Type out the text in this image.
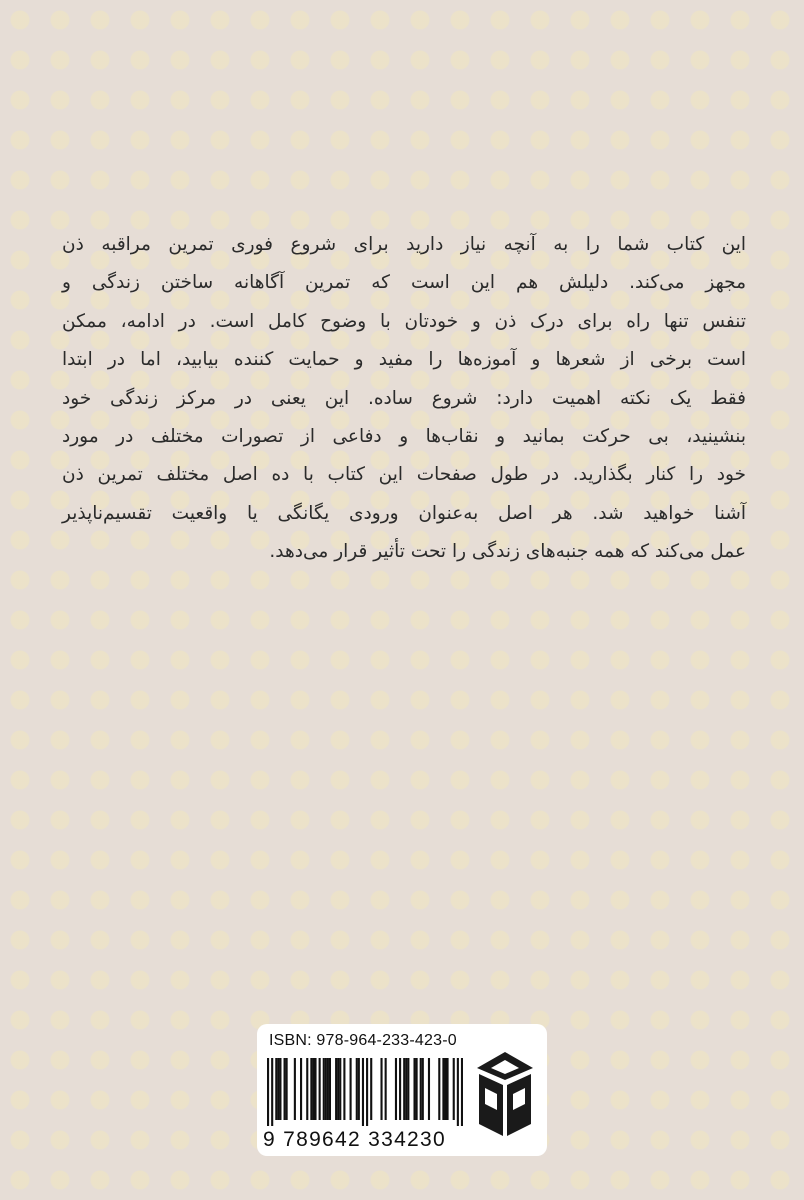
این کتاب شما را به آنچه نیاز دارید برای شروع فوری تمرین مراقبه ذن
مجهز می‌کند. دلیلش هم این است که تمرین آگاهانه ساختن زندگی و
تنفس تنها راه برای درک ذن و خودتان با وضوح کامل است. در ادامه، ممکن
است برخی از شعرها و آموزه‌ها را مفید و حمایت کننده بیابید، اما در ابتدا
فقط یک نکته اهمیت دارد: شروع ساده. این یعنی در مرکز زندگی خود
بنشینید، بی حرکت بمانید و نقاب‌ها و دفاعی از تصورات مختلف در مورد
خود را کنار بگذارید. در طول صفحات این کتاب با ده اصل مختلف تمرین ذن
آشنا خواهید شد. هر اصل به‌عنوان ورودی یگانگی یا واقعیت تقسیم‌ناپذیر
عمل می‌کند که همه جنبه‌های زندگی را تحت تأثیر قرار می‌دهد.
ISBN: 978-964-233-423-0
9 789642 334230
